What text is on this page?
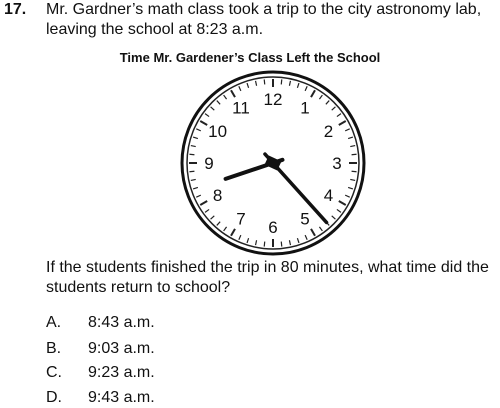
17. Mr. Gardner’s math class took a trip to the city astronomy lab,
leaving the school at 8:23 a.m.
Time Mr. Gardener’s Class Left the School
12 1
2
3
4
5
6
7
8
9
10
11
If the students finished the trip in 80 minutes, what time did the
students return to school?
A. 8:43 a.m.
B. 9:03 a.m.
C. 9:23 a.m.
D. 9:43 a.m.
